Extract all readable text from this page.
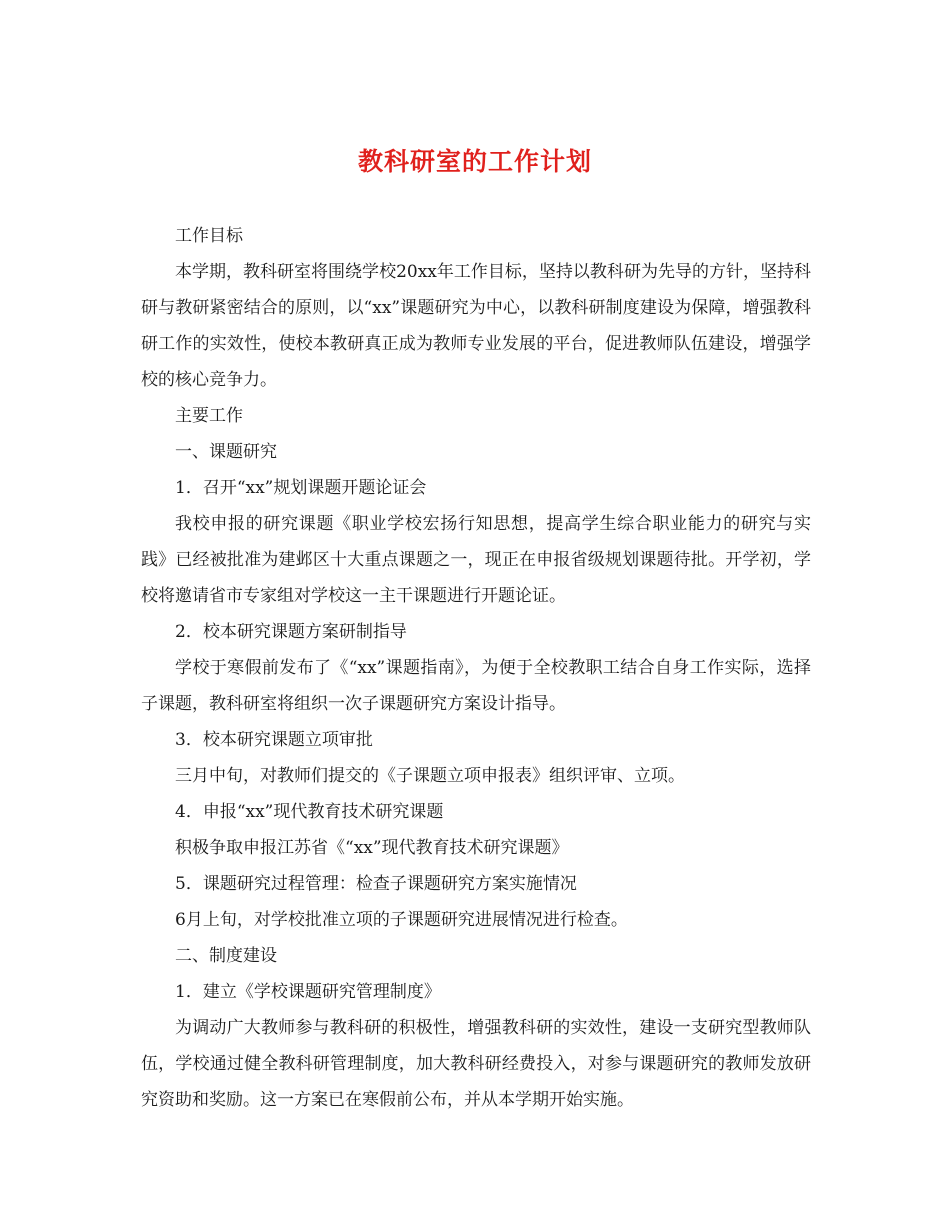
教科研室的工作计划

工作目标

本学期，教科研室将围绕学校20xx年工作目标，坚持以教科研为先导的方针，坚持科研与教研紧密结合的原则，以“xx”课题研究为中心，以教科研制度建设为保障，增强教科研工作的实效性，使校本教研真正成为教师专业发展的平台，促进教师队伍建设，增强学校的核心竞争力。

主要工作

一、课题研究

1．召开“xx”规划课题开题论证会

我校申报的研究课题《职业学校宏扬行知思想，提高学生综合职业能力的研究与实践》已经被批准为建邺区十大重点课题之一，现正在申报省级规划课题待批。开学初，学校将邀请省市专家组对学校这一主干课题进行开题论证。

2．校本研究课题方案研制指导

学校于寒假前发布了《“xx”课题指南》，为便于全校教职工结合自身工作实际，选择子课题，教科研室将组织一次子课题研究方案设计指导。

3．校本研究课题立项审批

三月中旬，对教师们提交的《子课题立项申报表》组织评审、立项。

4．申报“xx”现代教育技术研究课题

积极争取申报江苏省《“xx”现代教育技术研究课题》

5．课题研究过程管理：检查子课题研究方案实施情况

6月上旬，对学校批准立项的子课题研究进展情况进行检查。

二、制度建设

1．建立《学校课题研究管理制度》

为调动广大教师参与教科研的积极性，增强教科研的实效性，建设一支研究型教师队伍，学校通过健全教科研管理制度，加大教科研经费投入，对参与课题研究的教师发放研究资助和奖励。这一方案已在寒假前公布，并从本学期开始实施。
